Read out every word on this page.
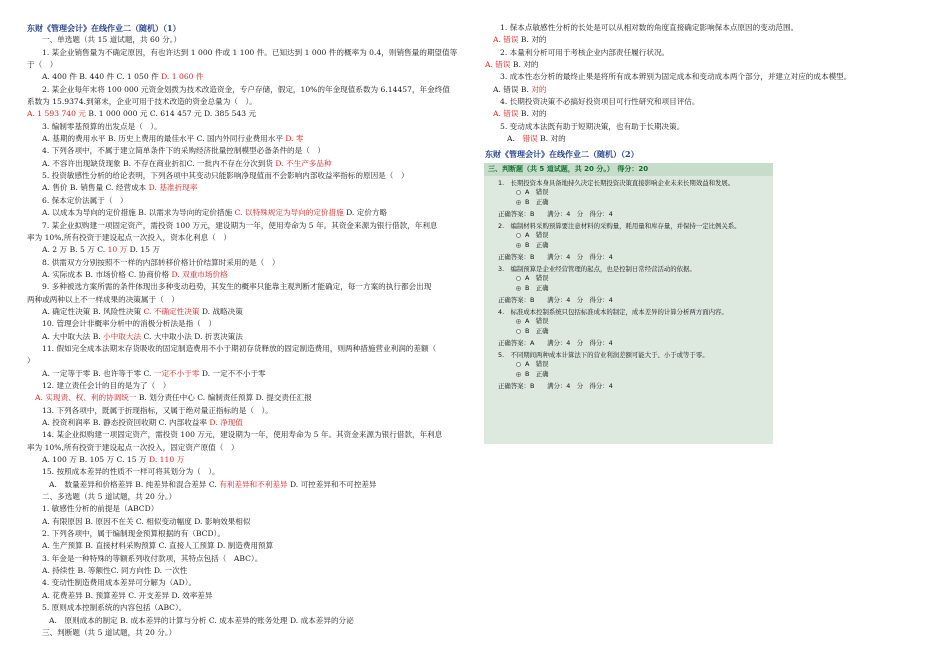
东财《管理会计》在线作业二（随机）（1）
一、单选题（共 15 道试题，共 60 分。）
1. 某企业销售量为不确定原因，有也许达到 1 000 件或 1 100 件。已知达到 1 000 件的概率为 0.4，则销售量的期望值等
于（　）
A. 400 件 B. 440 件 C. 1 050 件 D. 1 060 件
2. 某企业每年末将 100 000 元资金划拨为技术改造资金，专户存储，假定，10%的年金现值系数为 6.14457，年金终值
系数为 15.9374.到第末，企业可用于技术改造的资金总量为（　）。
A. 1 593 740 元 B. 1 000 000 元 C. 614 457 元 D. 385 543 元
3. 编制零基预算的出发点是（　）。
A. 基期的费用水平 B. 历史上费用的最佳水平 C. 国内外同行业费用水平 D. 零
4. 下列各项中，不属于建立简单条件下的采购经济批量控制模型必备条件的是（　）
A. 不容许出现缺货现象 B. 不存在商业折扣C. 一批内不存在分次到货 D. 不生产多品种
5. 投资敏感性分析的给论表明，下列各项中其变动只能影响净现值而不会影响内部收益率指标的原因是（　）
A. 售价 B. 销售量 C. 经营成本 D. 基准折现率
6. 保本定价法属于（　）
A. 以成本为导向的定价措施 B. 以需求为导向的定价措施 C. 以特殊规定为导向的定价措施 D. 定价方略
7. 某企业拟购建一项固定资产，需投资 100 万元，建设期为一年，使用寿命为 5 年。其资金来源为银行借款，年利息
率为 10%,所有投资于建设起点一次投入，资本化利息（　）
A. 2 万 B. 5 万 C. 10 万 D. 15 万
8. 供需双方分别按照不一样的内部转移价格计价结算时采用的是（　）
A. 实际成本 B. 市场价格 C. 协商价格 D. 双重市场价格
9. 多种被选方案所需的条件体现出多种变动趋势，其发生的概率只能靠主观判断才能确定，每一方案的执行都会出现
两种或两种以上不一样成果的决策属于（　）
A. 确定性决策 B. 风险性决策 C. 不确定性决策 D. 战略决策
10. 管理会计非概率分析中的消极分析法是指（　）
A. 大中取大法 B. 小中取大法 C. 大中取小法 D. 折衷决策法
11. 假如完全成本法期末存货吸收的固定制造费用不小于期初存货释放的固定制造费用，则两种措施营业利润的差额（
）
A. 一定等于零 B. 也许等于零 C. 一定不小于零 D. 一定不不小于零
12. 建立责任会计的目的是为了（　）
A. 实现责、权、利的协调统一 B. 划分责任中心 C. 编制责任预算 D. 提交责任汇报
13. 下列各项中，既属于折现指标，又属于绝对量正指标的是（　）。
A. 投资利润率 B. 静态投资回收期 C. 内部收益率 D. 净现值
14. 某企业拟购建一项固定资产，需投资 100 万元，建设期为一年，使用寿命为 5 年。其资金来源为银行借款，年利息
率为 10%,所有投资于建设起点一次投入，固定资产原值（　）
A. 100 万 B. 105 万 C. 15 万 D. 110 万
15. 按照成本差异的性质不一样可将其划分为（　）。
A.　数量差异和价格差异 B. 纯差异和混合差异 C. 有利差异和不利差异 D. 可控差异和不可控差异
二、多选题（共 5 道试题，共 20 分。）
1. 敏感性分析的前提是（ABCD）
A. 有限原因 B. 原因不在关 C. 相似变动幅度 D. 影响效果相似
2. 下列各项中，属于编制现金预算根据的有（BCD）。
A. 生产预算 B. 直接材料采购预算 C. 直接人工预算 D. 制造费用预算
3. 年金是一种特殊的等额系列收付款项，其特点包括（　ABC）。
A. 持续性 B. 等额性C. 同方向性 D. 一次性
4. 变动性制造费用成本差异可分解为（AD）。
A. 花费差异 B. 预算差异 C. 开支差异 D. 效率差异
5. 原则成本控制系统的内容包括（ABC）。
A.　原则成本的制定 B. 成本差异的计算与分析 C. 成本差异的账务处理 D. 成本差异的分泌
三、判断题（共 5 道试题，共 20 分。）
1. 保本点敏感性分析的长处是可以从相对数的角度直接确定影响保本点原因的变动范围。
A. 错误 B. 对的
2. 本量利分析可用于考核企业内部责任履行状况。
A. 错误 B. 对的
3. 成本性态分析的最终止果是将所有成本辨别为固定成本和变动成本两个部分，并建立对应的成本模型。
A. 错误 B. 对的
4. 长期投资决策不必搞好投资项目可行性研究和项目评估。
A. 错误 B. 对的
5. 变动成本法既有助于短期决策，也有助于长期决策。
A.　错误 B. 对的
东财《管理会计》在线作业二（随机）（2）
三、判断题（共 5 道试题，共 20 分。）　得分：20
1.　长期投资本身具备地持久决定长期投资决策直接影响企业未来长期效益和发展。
A　错误
B　正确
正确答案：B　　满分：4　分　得分：4
2.　编制材料采购预算要注意材料的采购量，耗用量和库存量，并保持一定比例关系。
A　错误
B　正确
正确答案：B　　满分：4　分　得分：4
3.　编制预算是企业经营管理的起点，也是控制日常经营活动的依据。
A　错误
B　正确
正确答案：B　　满分：4　分　得分：4
4.　标准成本控制系统只包括标准成本的制定，成本差异的计算分析两方面内容。
A　错误
B　正确
正确答案：A　　满分：4　分　得分：4
5.　不同期间两种成本计算法下的营业利润差额可能大于、小于或等于零。
A　错误
B　正确
正确答案：B　　满分：4　分　得分：4
